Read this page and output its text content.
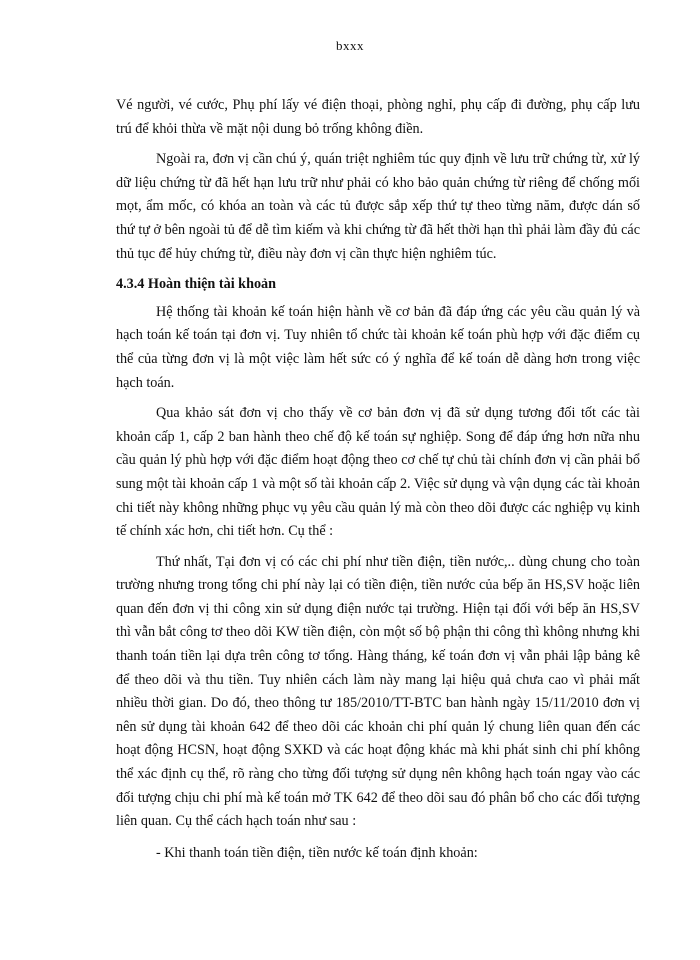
bxxx

Vé người, vé cước, Phụ phí lấy vé điện thoại, phòng nghỉ, phụ cấp đi đường, phụ cấp lưu trú để khỏi thừa về mặt nội dung bỏ trống không điền.

Ngoài ra, đơn vị cần chú ý, quán triệt nghiêm túc quy định về lưu trữ chứng từ, xử lý dữ liệu chứng từ đã hết hạn lưu trữ như phải có kho bảo quản chứng từ riêng để chống mối mọt, ẩm mốc, có khóa an toàn và các tủ được sắp xếp thứ tự theo từng năm, được dán số thứ tự ở bên ngoài tủ để dễ tìm kiếm và khi chứng từ đã hết thời hạn thì phải làm đầy đủ các thủ tục để hủy chứng từ, điều này đơn vị cần thực hiện nghiêm túc.

4.3.4 Hoàn thiện tài khoản

Hệ thống tài khoản kế toán hiện hành về cơ bản đã đáp ứng các yêu cầu quản lý và hạch toán kế toán tại đơn vị. Tuy nhiên tổ chức tài khoản kế toán phù hợp với đặc điểm cụ thể của từng đơn vị là một việc làm hết sức có ý nghĩa để kế toán dễ dàng hơn trong việc hạch toán.

Qua khảo sát đơn vị cho thấy về cơ bản đơn vị đã sử dụng tương đối tốt các tài khoản cấp 1, cấp 2 ban hành theo chế độ kế toán sự nghiệp. Song để đáp ứng hơn nữa nhu cầu quản lý phù hợp với đặc điểm hoạt động theo cơ chế tự chủ tài chính đơn vị cần phải bổ sung một tài khoản cấp 1 và một số tài khoản cấp 2. Việc sử dụng và vận dụng các tài khoản chi tiết này không những phục vụ yêu cầu quản lý mà còn theo dõi được các nghiệp vụ kinh tế chính xác hơn, chi tiết hơn. Cụ thể :

Thứ nhất, Tại đơn vị có các chi phí như tiền điện, tiền nước,.. dùng chung cho toàn trường nhưng trong tổng chi phí này lại có tiền điện, tiền nước của bếp ăn HS,SV hoặc liên quan đến đơn vị thi công xin sử dụng điện nước tại trường. Hiện tại đối với bếp ăn HS,SV thì vẫn bắt công tơ theo dõi KW tiền điện, còn một số bộ phận thi công thì không nhưng khi thanh toán tiền lại dựa trên công tơ tổng. Hàng tháng, kế toán đơn vị vẫn phải lập bảng kê để theo dõi và thu tiền. Tuy nhiên cách làm này mang lại hiệu quả chưa cao vì phải mất nhiều thời gian. Do đó, theo thông tư 185/2010/TT-BTC ban hành ngày 15/11/2010 đơn vị nên sử dụng tài khoản 642 để theo dõi các khoản chi phí quản lý chung liên quan đến các hoạt động HCSN, hoạt động SXKD và các hoạt động khác mà khi phát sinh chi phí không thể xác định cụ thể, rõ ràng cho từng đối tượng sử dụng nên không hạch toán ngay vào các đối tượng chịu chi phí mà kế toán mở TK 642 để theo dõi sau đó phân bổ cho các đối tượng liên quan. Cụ thể cách hạch toán như sau :

- Khi thanh toán tiền điện, tiền nước kế toán định khoản:
